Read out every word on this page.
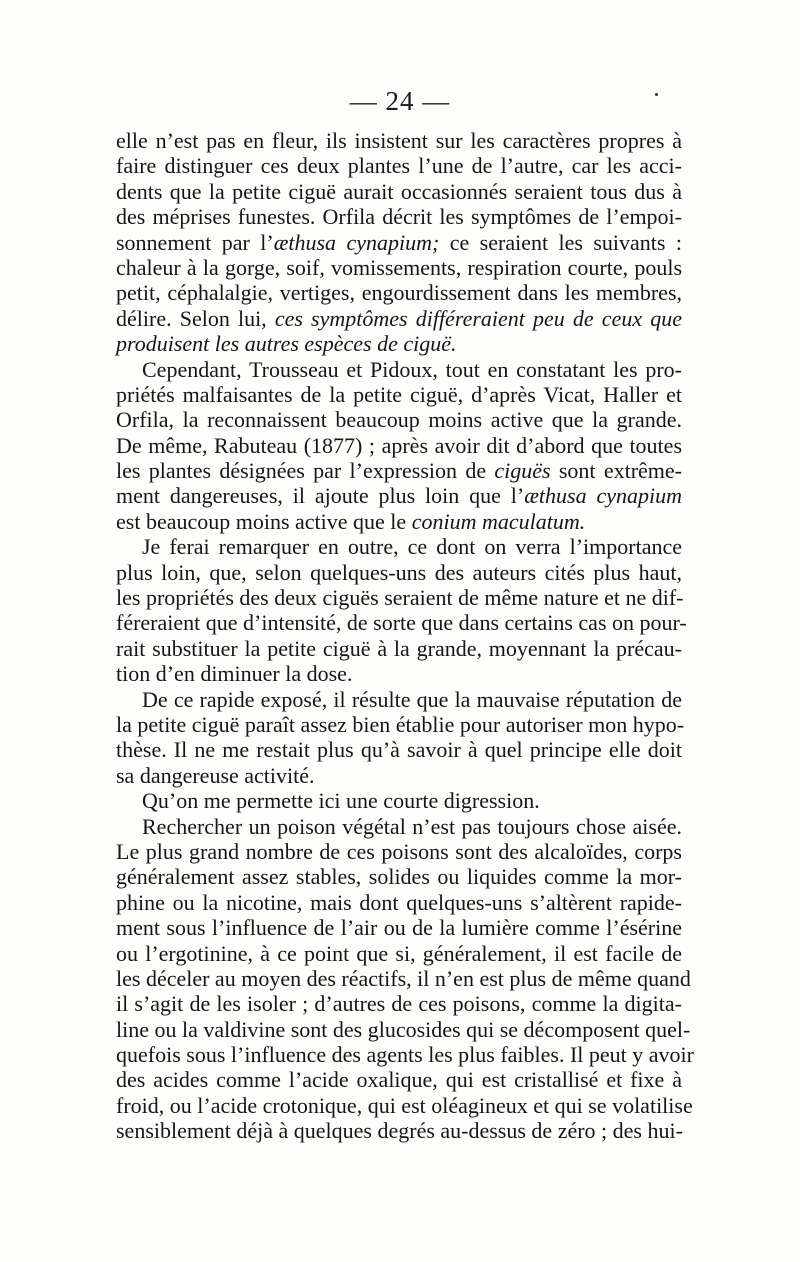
— 24 —
elle n’est pas en fleur, ils insistent sur les caractères propres à
faire distinguer ces deux plantes l’une de l’autre, car les acci-
dents que la petite ciguë aurait occasionnés seraient tous dus à
des méprises funestes. Orfila décrit les symptômes de l’empoi-
sonnement par l’æthusa cynapium; ce seraient les suivants :
chaleur à la gorge, soif, vomissements, respiration courte, pouls
petit, céphalalgie, vertiges, engourdissement dans les membres,
délire. Selon lui, ces symptômes différeraient peu de ceux que
produisent les autres espèces de ciguë.
Cependant, Trousseau et Pidoux, tout en constatant les pro-
priétés malfaisantes de la petite ciguë, d’après Vicat, Haller et
Orfila, la reconnaissent beaucoup moins active que la grande.
De même, Rabuteau (1877) ; après avoir dit d’abord que toutes
les plantes désignées par l’expression de ciguës sont extrême-
ment dangereuses, il ajoute plus loin que l’æthusa cynapium
est beaucoup moins active que le conium maculatum.
Je ferai remarquer en outre, ce dont on verra l’importance
plus loin, que, selon quelques-uns des auteurs cités plus haut,
les propriétés des deux ciguës seraient de même nature et ne dif-
féreraient que d’intensité, de sorte que dans certains cas on pour-
rait substituer la petite ciguë à la grande, moyennant la précau-
tion d’en diminuer la dose.
De ce rapide exposé, il résulte que la mauvaise réputation de
la petite ciguë paraît assez bien établie pour autoriser mon hypo-
thèse. Il ne me restait plus qu’à savoir à quel principe elle doit
sa dangereuse activité.
Qu’on me permette ici une courte digression.
Rechercher un poison végétal n’est pas toujours chose aisée.
Le plus grand nombre de ces poisons sont des alcaloïdes, corps
généralement assez stables, solides ou liquides comme la mor-
phine ou la nicotine, mais dont quelques-uns s’altèrent rapide-
ment sous l’influence de l’air ou de la lumière comme l’ésérine
ou l’ergotinine, à ce point que si, généralement, il est facile de
les déceler au moyen des réactifs, il n’en est plus de même quand
il s’agit de les isoler ; d’autres de ces poisons, comme la digita-
line ou la valdivine sont des glucosides qui se décomposent quel-
quefois sous l’influence des agents les plus faibles. Il peut y avoir
des acides comme l’acide oxalique, qui est cristallisé et fixe à
froid, ou l’acide crotonique, qui est oléagineux et qui se volatilise
sensiblement déjà à quelques degrés au-dessus de zéro ; des hui-
